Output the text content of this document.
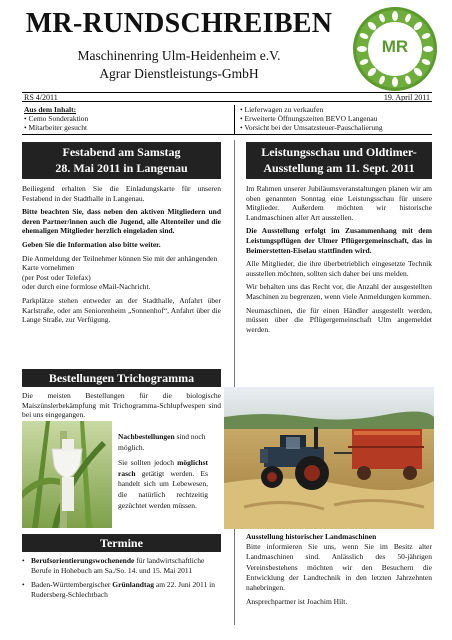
MR-RUNDSCHREIBEN
Maschinenring Ulm-Heidenheim e.V.
Agrar Dienstleistungs-GmbH
MR
RS 4/2011	19. April 2011
Aus dem Inhalt:
• Cemo Sonderaktion
• Mitarbeiter gesucht
• Lieferwagen zu verkaufen
• Erweiterte Öffnungszeiten BEVO Langenau
• Vorsicht bei der Umsatzsteuer-Pauschalierung
Festabend am Samstag
28. Mai 2011 in Langenau

Beiliegend erhalten Sie die Einladungskarte für unseren Festabend in der Stadthalle in Langenau.

Bitte beachten Sie, dass neben den aktiven Mitgliedern und deren Partner/innen auch die Jugend, alle Altenteiler und die ehemaligen Mitglieder herzlich eingeladen sind.

Geben Sie die Information also bitte weiter.

Die Anmeldung der Teilnehmer können Sie mit der anhängenden Karte vornehmen
(per Post oder Telefax)
oder durch eine formlose eMail-Nachricht.

Parkplätze stehen entweder an der Stadthalle, Anfahrt über Karlstraße, oder am Seniorenheim „Sonnenhof“, Anfahrt über die Lange Straße, zur Verfügung.

Bestellungen Trichogramma

Die meisten Bestellungen für die biologische Maiszünslerbekämpfung mit Trichogramma-Schlupfwespen sind bei uns eingegangen.

Nachbestellungen sind noch möglich.

Sie sollten jedoch möglichst rasch getätigt werden. Es handelt sich um Lebewesen, die natürlich rechtzeitig gezüchtet werden müssen.

Termine
• Berufsorientierungswochenende für landwirtschaftliche Berufe in Hohebuch am Sa./So. 14. und 15. Mai 2011
• Baden-Württembergischer Grünlandtag am 22. Juni 2011 in Rudersberg-Schlechtbach
Leistungsschau und Oldtimer-
Ausstellung am 11. Sept. 2011

Im Rahmen unserer Jubiläumsveranstaltungen planen wir am oben genannten Sonntag eine Leistungsschau für unsere Mitglieder. Außerdem möchten wir historische Landmaschinen aller Art ausstellen.

Die Ausstellung erfolgt im Zusammenhang mit dem Leistungspflügen der Ulmer Pflügergemeinschaft, das in Beimerstetten-Eiselau stattfinden wird.

Alle Mitglieder, die ihre überbetrieblich eingesetzte Technik ausstellen möchten, sollten sich daher bei uns melden.

Wir behalten uns das Recht vor, die Anzahl der ausgestellten Maschinen zu begrenzen, wenn viele Anmeldungen kommen.

Neumaschinen, die für einen Händler ausgestellt werden, müssen über die Pflügergemeinschaft Ulm angemeldet werden.

Ausstellung historischer Landmaschinen

Bitte informieren Sie uns, wenn Sie im Besitz alter Landmaschinen sind. Anlässlich des 50-jährigen Vereinsbestehens möchten wir den Besuchern die Entwicklung der Landtechnik in den letzten Jahrzehnten nahebringen.

Ansprechpartner ist Joachim Hilt.
